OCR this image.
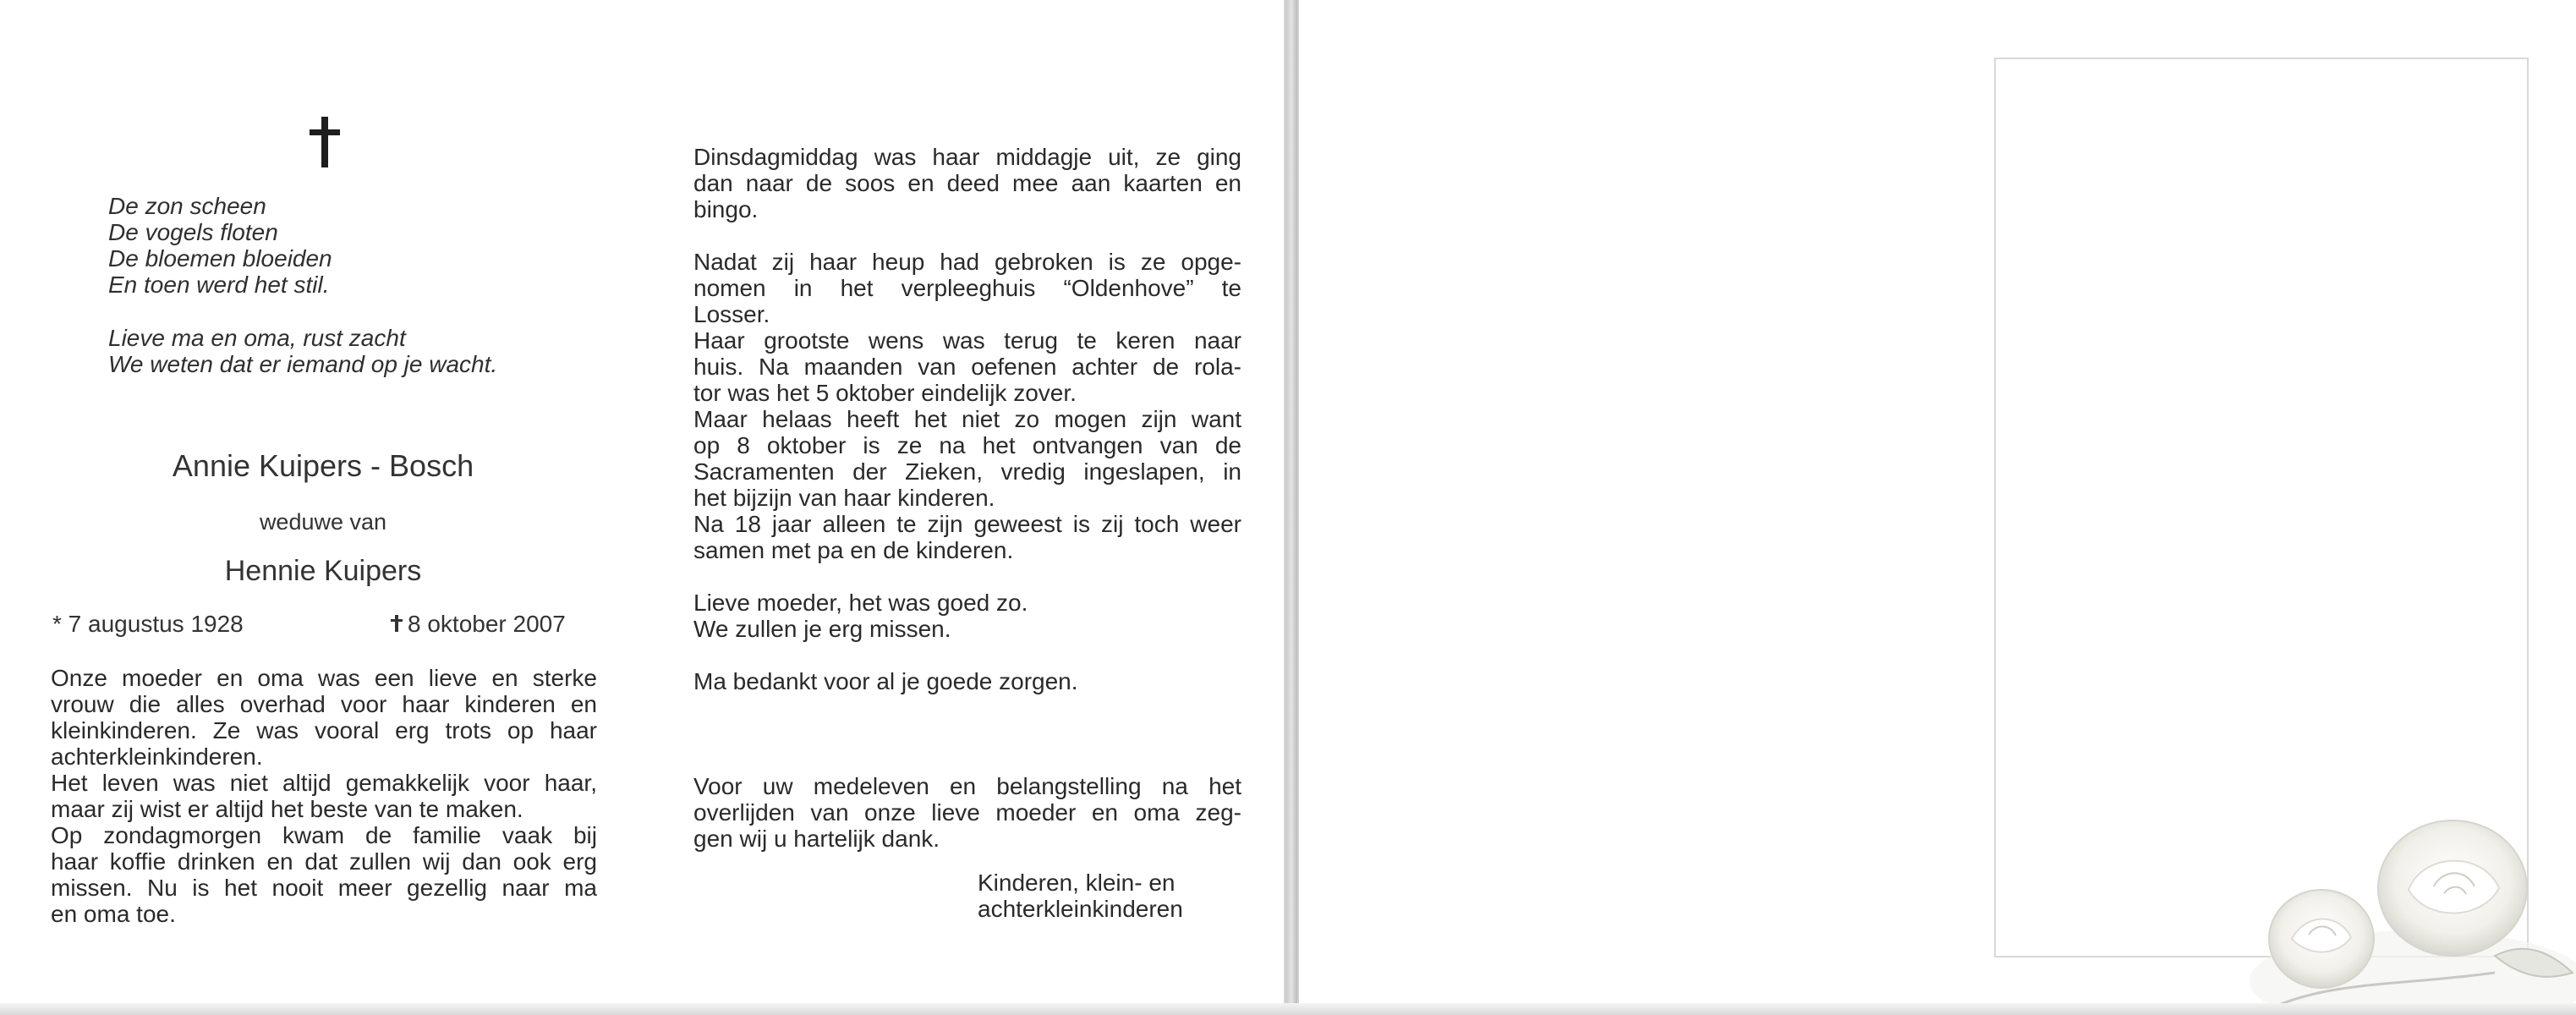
De zon scheen
De vogels floten
De bloemen bloeiden
En toen werd het stil.
Lieve ma en oma, rust zacht
We weten dat er iemand op je wacht.
Annie Kuipers - Bosch
weduwe van
Hennie Kuipers
* 7 augustus 1928	8 oktober 2007
Onze moeder en oma was een lieve en sterke
vrouw die alles overhad voor haar kinderen en
kleinkinderen. Ze was vooral erg trots op haar
achterkleinkinderen.
Het leven was niet altijd gemakkelijk voor haar,
maar zij wist er altijd het beste van te maken.
Op zondagmorgen kwam de familie vaak bij
haar koffie drinken en dat zullen wij dan ook erg
missen. Nu is het nooit meer gezellig naar ma
en oma toe.
Dinsdagmiddag was haar middagje uit, ze ging
dan naar de soos en deed mee aan kaarten en
bingo.
Nadat zij haar heup had gebroken is ze opge-
nomen in het verpleeghuis “Oldenhove” te
Losser.
Haar grootste wens was terug te keren naar
huis. Na maanden van oefenen achter de rola-
tor was het 5 oktober eindelijk zover.
Maar helaas heeft het niet zo mogen zijn want
op 8 oktober is ze na het ontvangen van de
Sacramenten der Zieken, vredig ingeslapen, in
het bijzijn van haar kinderen.
Na 18 jaar alleen te zijn geweest is zij toch weer
samen met pa en de kinderen.
Lieve moeder, het was goed zo.
We zullen je erg missen.
Ma bedankt voor al je goede zorgen.
Voor uw medeleven en belangstelling na het
overlijden van onze lieve moeder en oma zeg-
gen wij u hartelijk dank.
Kinderen, klein- en
achterkleinkinderen
